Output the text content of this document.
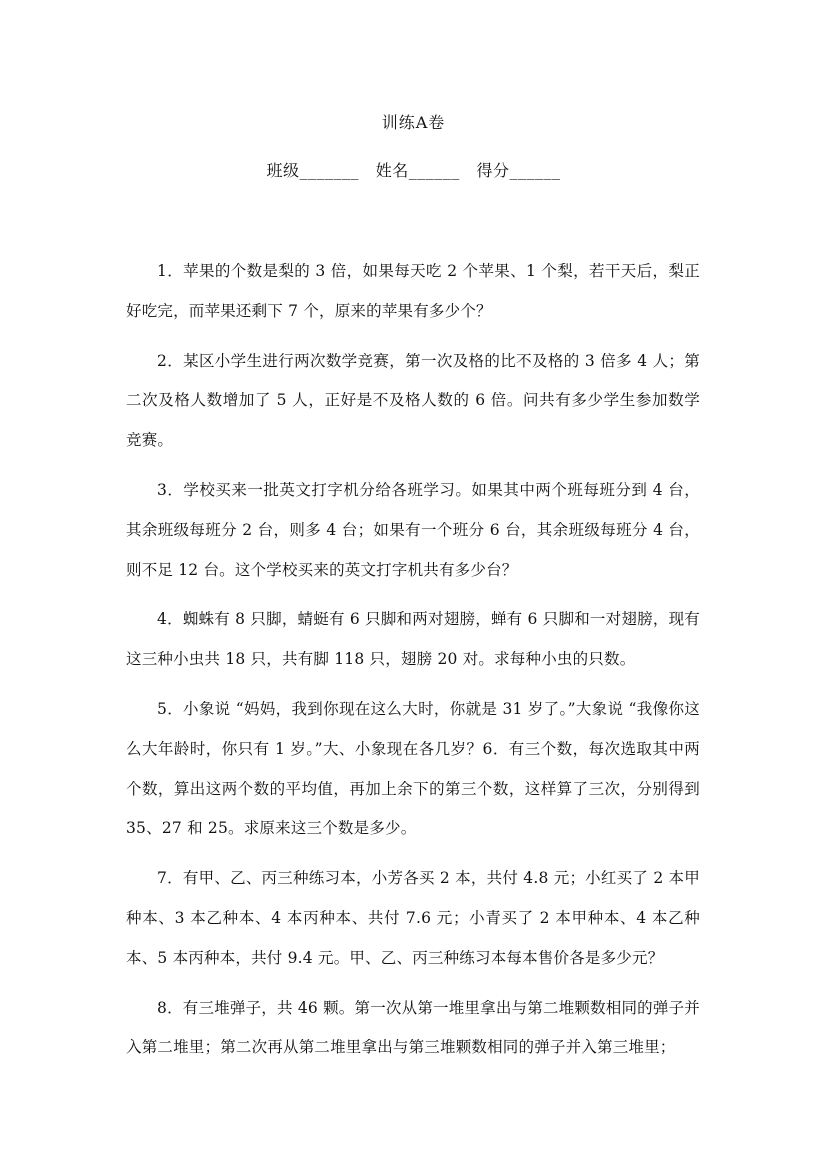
训练A卷
班级_______ 姓名______ 得分______

1．苹果的个数是梨的 3 倍，如果每天吃 2 个苹果、1 个梨，若干天后，梨正好吃完，而苹果还剩下 7 个，原来的苹果有多少个？

2．某区小学生进行两次数学竞赛，第一次及格的比不及格的 3 倍多 4 人；第二次及格人数增加了 5 人，正好是不及格人数的 6 倍。问共有多少学生参加数学竞赛。

3．学校买来一批英文打字机分给各班学习。如果其中两个班每班分到 4 台，其余班级每班分 2 台，则多 4 台；如果有一个班分 6 台，其余班级每班分 4 台，则不足 12 台。这个学校买来的英文打字机共有多少台？

4．蜘蛛有 8 只脚，蜻蜓有 6 只脚和两对翅膀，蝉有 6 只脚和一对翅膀，现有这三种小虫共 18 只，共有脚 118 只，翅膀 20 对。求每种小虫的只数。

5．小象说 “妈妈，我到你现在这么大时，你就是 31 岁了。”大象说 “我像你这么大年龄时，你只有 1 岁。”大、小象现在各几岁？6．有三个数，每次选取其中两个数，算出这两个数的平均值，再加上余下的第三个数，这样算了三次，分别得到 35、27 和 25。求原来这三个数是多少。

7．有甲、乙、丙三种练习本，小芳各买 2 本，共付 4.8 元；小红买了 2 本甲种本、3 本乙种本、4 本丙种本、共付 7.6 元；小青买了 2 本甲种本、4 本乙种本、5 本丙种本，共付 9.4 元。甲、乙、丙三种练习本每本售价各是多少元？

8．有三堆弹子，共 46 颗。第一次从第一堆里拿出与第二堆颗数相同的弹子并入第二堆里；第二次再从第二堆里拿出与第三堆颗数相同的弹子并入第三堆里；
